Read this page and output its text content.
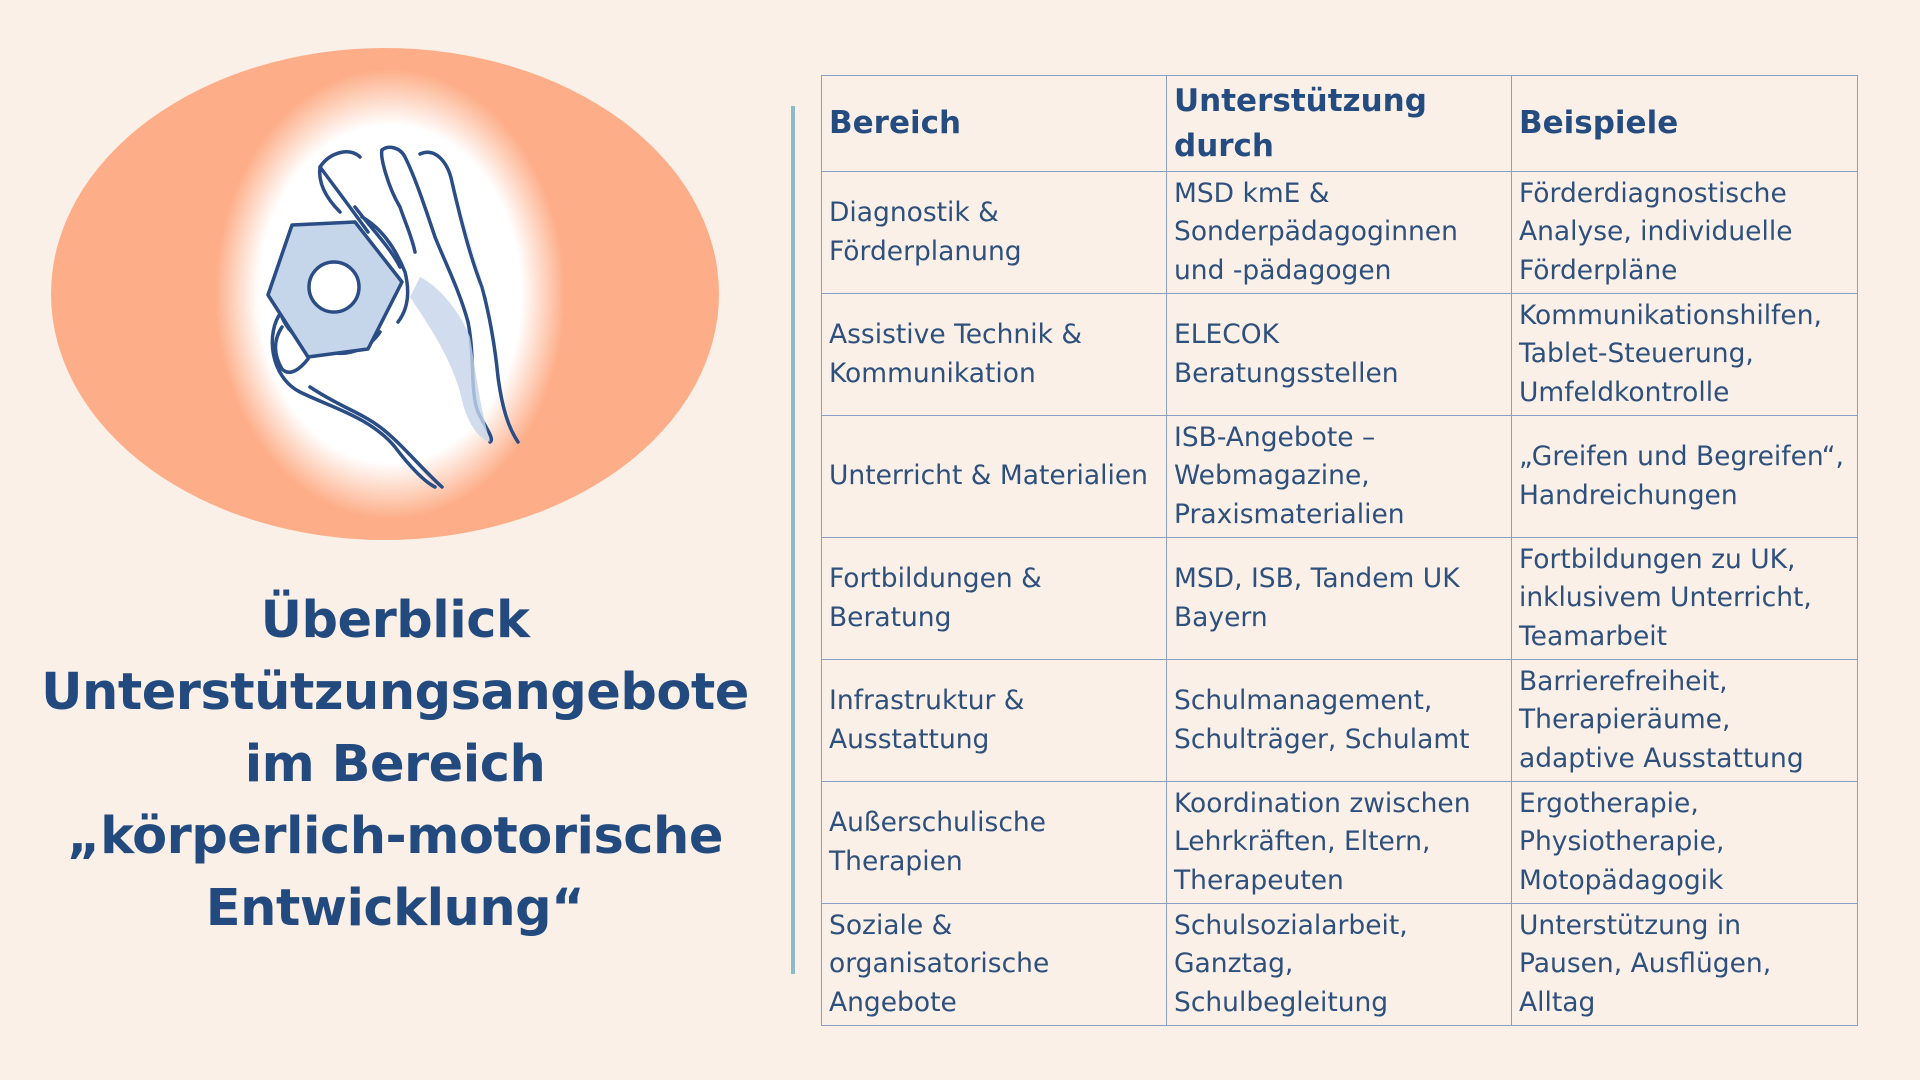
Überblick
Unterstützungsangebote
im Bereich
„körperlich-motorische
Entwicklung“
Bereich	Unterstützung durch	Beispiele
Diagnostik & Förderplanung	MSD kmE & Sonderpädagoginnen und -pädagogen	Förderdiagnostische Analyse, individuelle Förderpläne
Assistive Technik & Kommunikation	ELECOK Beratungsstellen	Kommunikationshilfen, Tablet-Steuerung, Umfeldkontrolle
Unterricht & Materialien	ISB-Angebote – Webmagazine, Praxismaterialien	„Greifen und Begreifen“, Handreichungen
Fortbildungen & Beratung	MSD, ISB, Tandem UK Bayern	Fortbildungen zu UK, inklusivem Unterricht, Teamarbeit
Infrastruktur & Ausstattung	Schulmanagement, Schulträger, Schulamt	Barrierefreiheit, Therapieräume, adaptive Ausstattung
Außerschulische Therapien	Koordination zwischen Lehrkräften, Eltern, Therapeuten	Ergotherapie, Physiotherapie, Motopädagogik
Soziale & organisatorische Angebote	Schulsozialarbeit, Ganztag, Schulbegleitung	Unterstützung in Pausen, Ausflügen, Alltag
